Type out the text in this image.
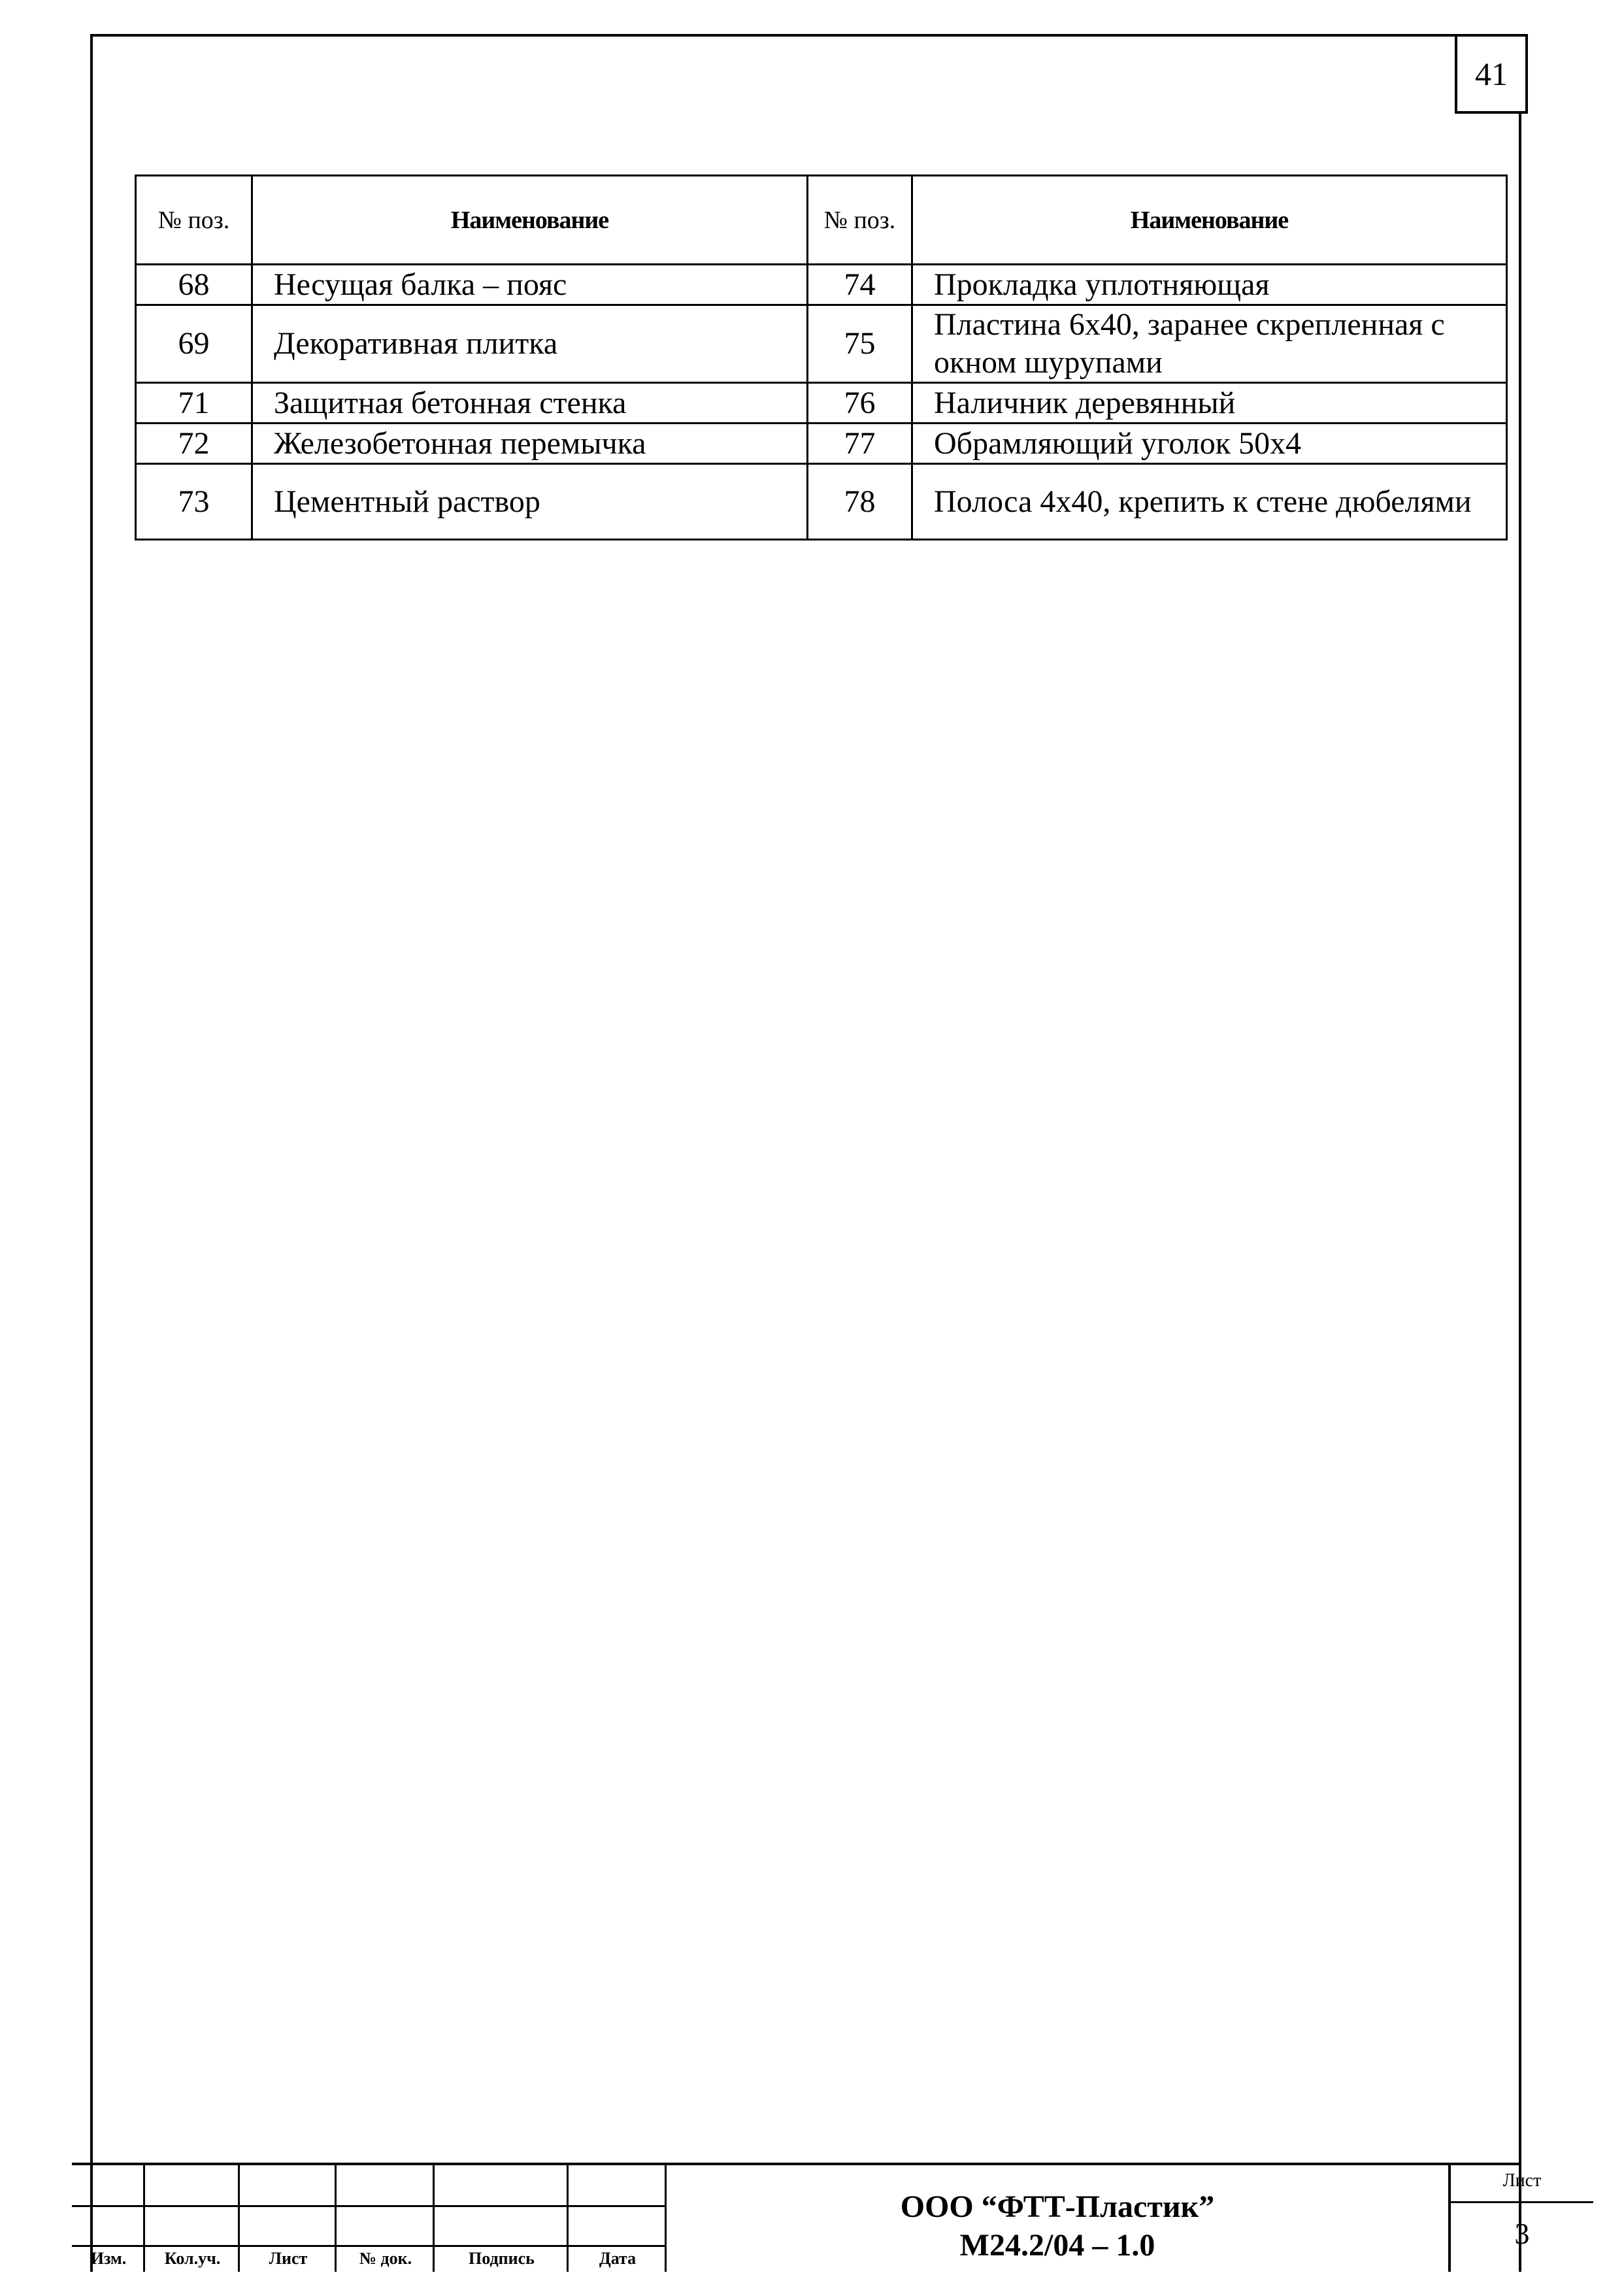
41
№ поз.	Наименование	№ поз.	Наименование
68	Несущая балка – пояс	74	Прокладка уплотняющая
69	Декоративная плитка	75	Пластина 6х40, заранее скрепленная с окном шурупами
71	Защитная бетонная стенка	76	Наличник деревянный
72	Железобетонная перемычка	77	Обрамляющий уголок 50х4
73	Цементный раствор	78	Полоса 4х40, крепить к стене дюбелями
Изм.	Кол.уч.	Лист	№ док.	Подпись	Дата
ООО “ФТТ-Пластик”
М24.2/04 – 1.0
Лист
3
